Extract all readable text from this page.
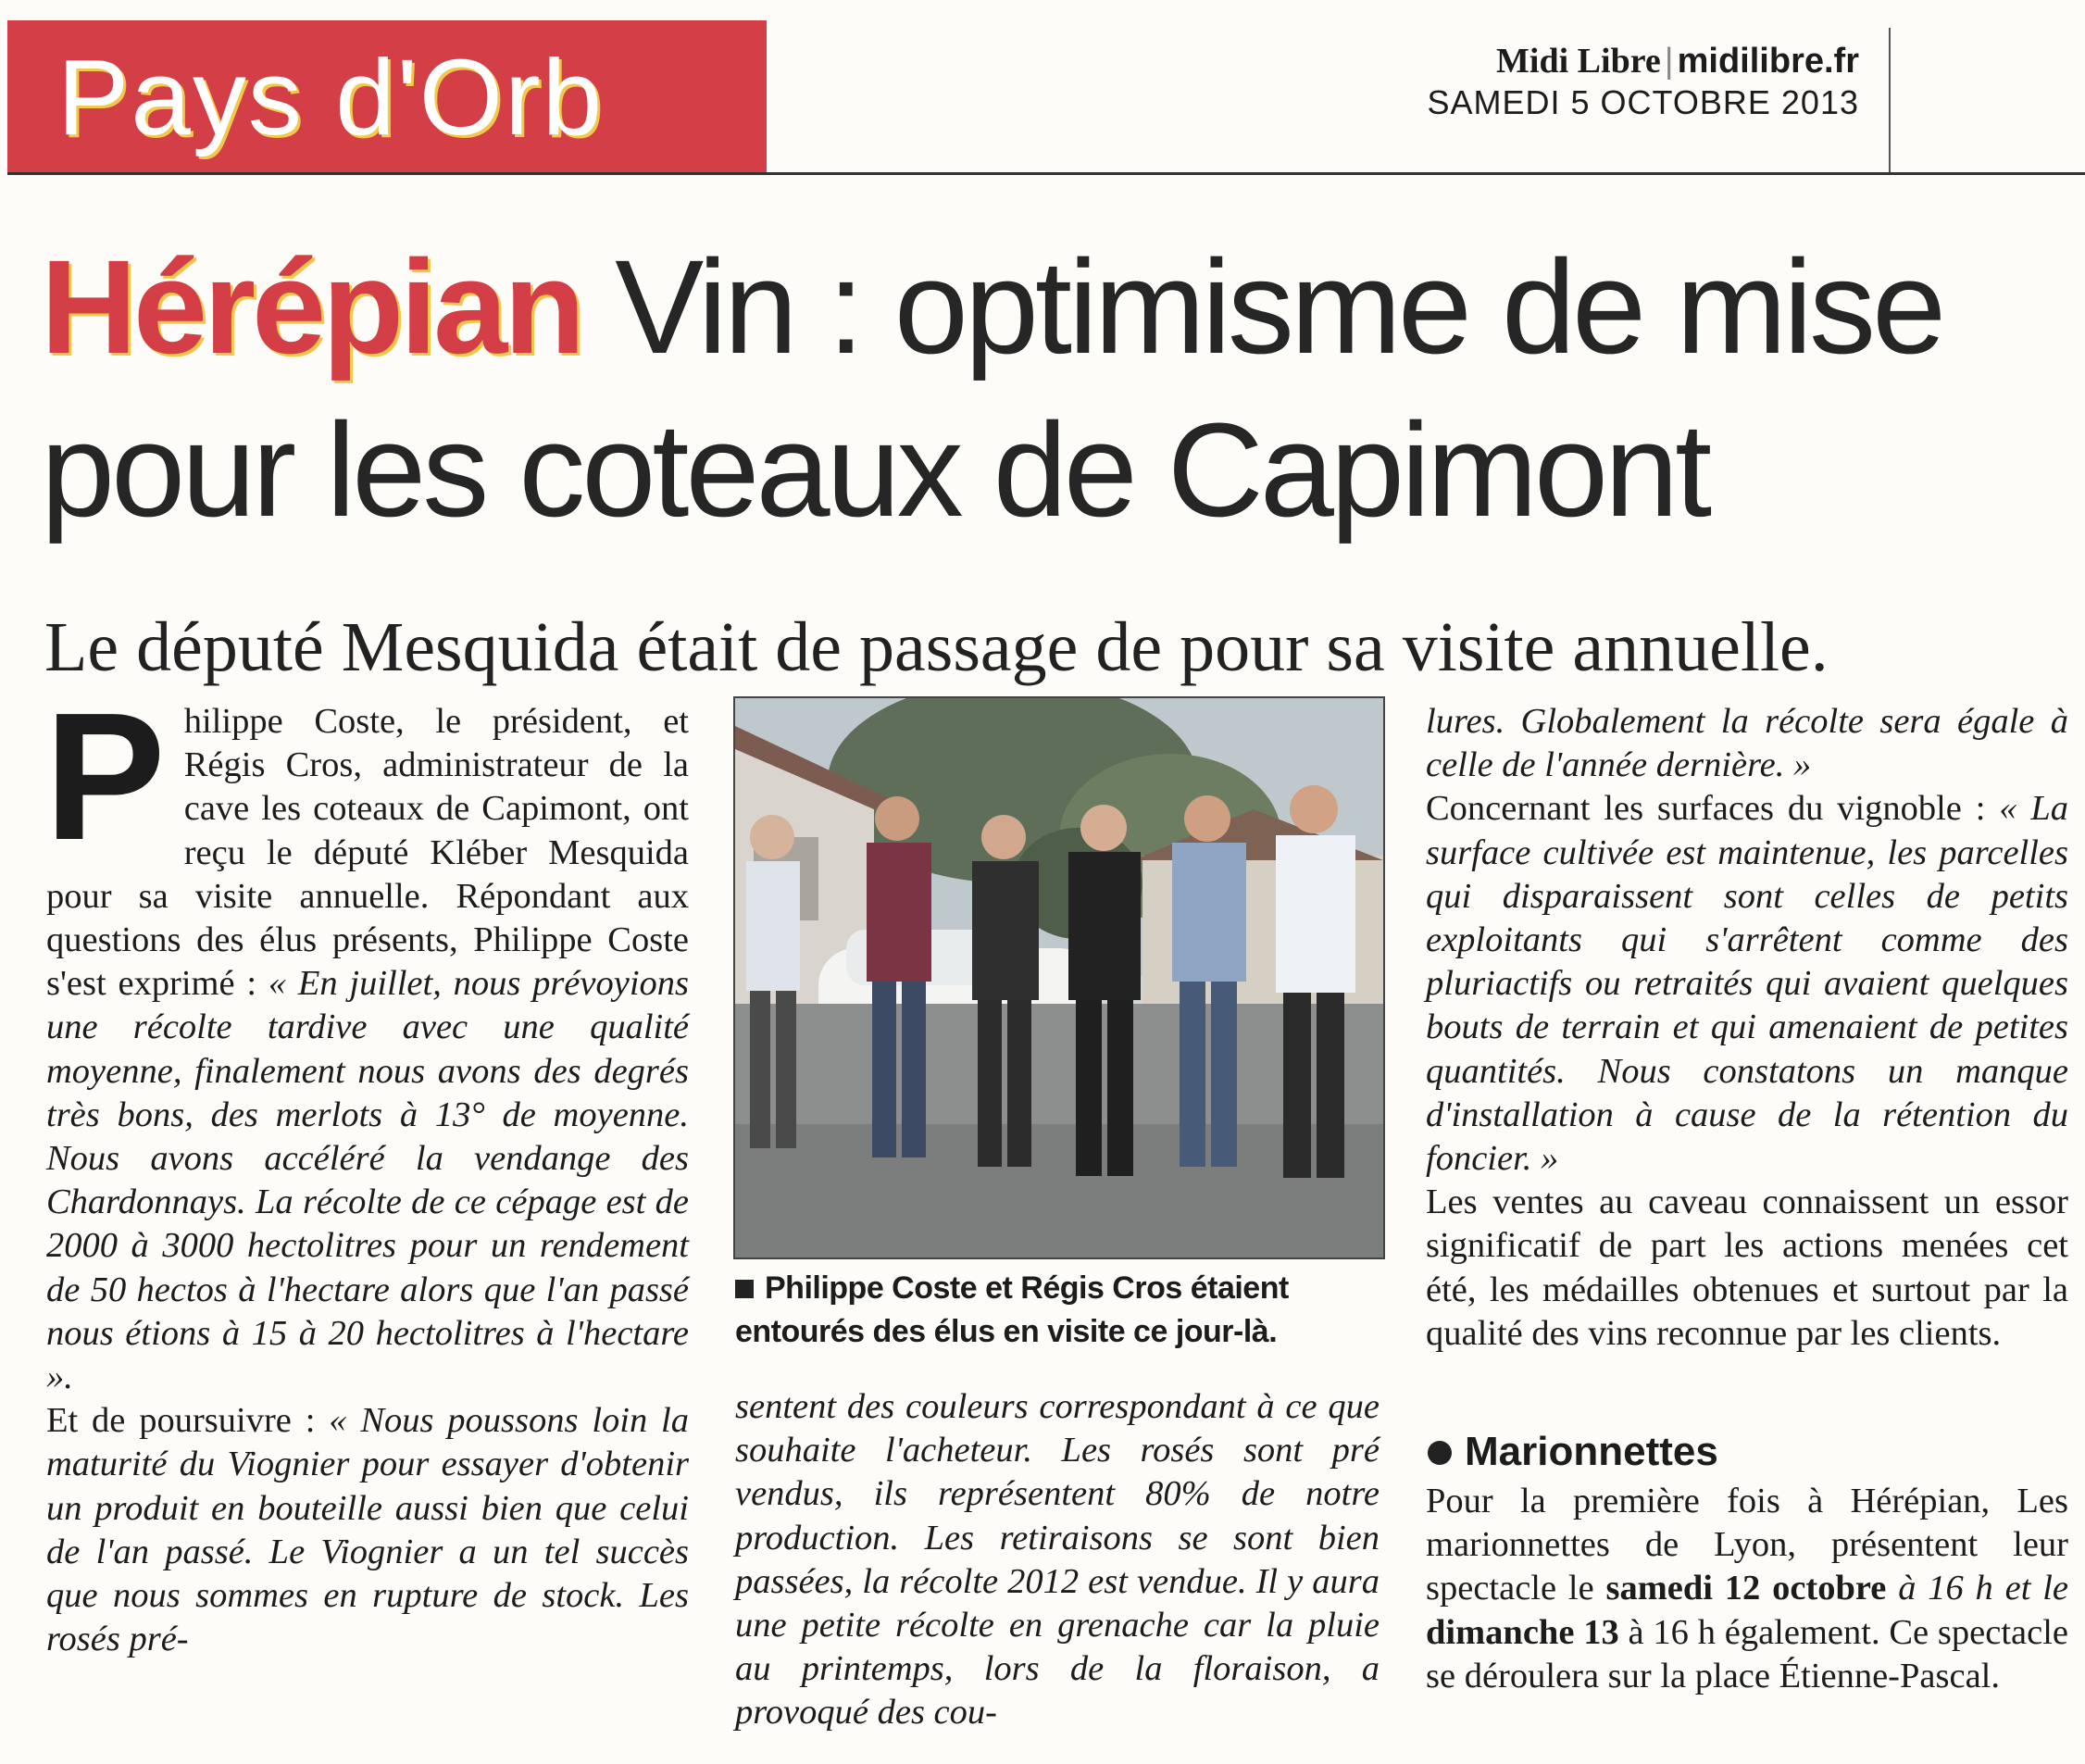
Pays d'Orb	Midi Libre | midilibre.fr
SAMEDI 5 OCTOBRE 2013
Hérépian Vin : optimisme de mise pour les coteaux de Capimont
Le député Mesquida était de passage de pour sa visite annuelle.

Philippe Coste, le président, et Régis Cros, administrateur de la cave les coteaux de Capimont, ont reçu le député Kléber Mesquida pour sa visite annuelle. Répondant aux questions des élus présents, Philippe Coste s'est exprimé : « En juillet, nous prévoyions une récolte tardive avec une qualité moyenne, finalement nous avons des degrés très bons, des merlots à 13° de moyenne. Nous avons accéléré la vendange des Chardonnays. La récolte de ce cépage est de 2000 à 3000 hectolitres pour un rendement de 50 hectos à l'hectare alors que l'an passé nous étions à 15 à 20 hectolitres à l'hectare ».

Et de poursuivre : « Nous poussons loin la maturité du Viognier pour essayer d'obtenir un produit en bouteille aussi bien que celui de l'an passé. Le Viognier a un tel succès que nous sommes en rupture de stock. Les rosés pré-

Philippe Coste et Régis Cros étaient entourés des élus en visite ce jour-là.

sentent des couleurs correspondant à ce que souhaite l'acheteur. Les rosés sont pré vendus, ils représentent 80% de notre production. Les retiraisons se sont bien passées, la récolte 2012 est vendue. Il y aura une petite récolte en grenache car la pluie au printemps, lors de la floraison, a provoqué des cou-

lures. Globalement la récolte sera égale à celle de l'année dernière. »

Concernant les surfaces du vignoble : « La surface cultivée est maintenue, les parcelles qui disparaissent sont celles de petits exploitants qui s'arrêtent comme des pluriactifs ou retraités qui avaient quelques bouts de terrain et qui amenaient de petites quantités. Nous constatons un manque d'installation à cause de la rétention du foncier. »

Les ventes au caveau connaissent un essor significatif de part les actions menées cet été, les médailles obtenues et surtout par la qualité des vins reconnue par les clients.

Marionnettes

Pour la première fois à Hérépian, Les marionnettes de Lyon, présentent leur spectacle le samedi 12 octobre à 16 h et le dimanche 13 à 16 h également. Ce spectacle se déroulera sur la place Étienne-Pascal.
